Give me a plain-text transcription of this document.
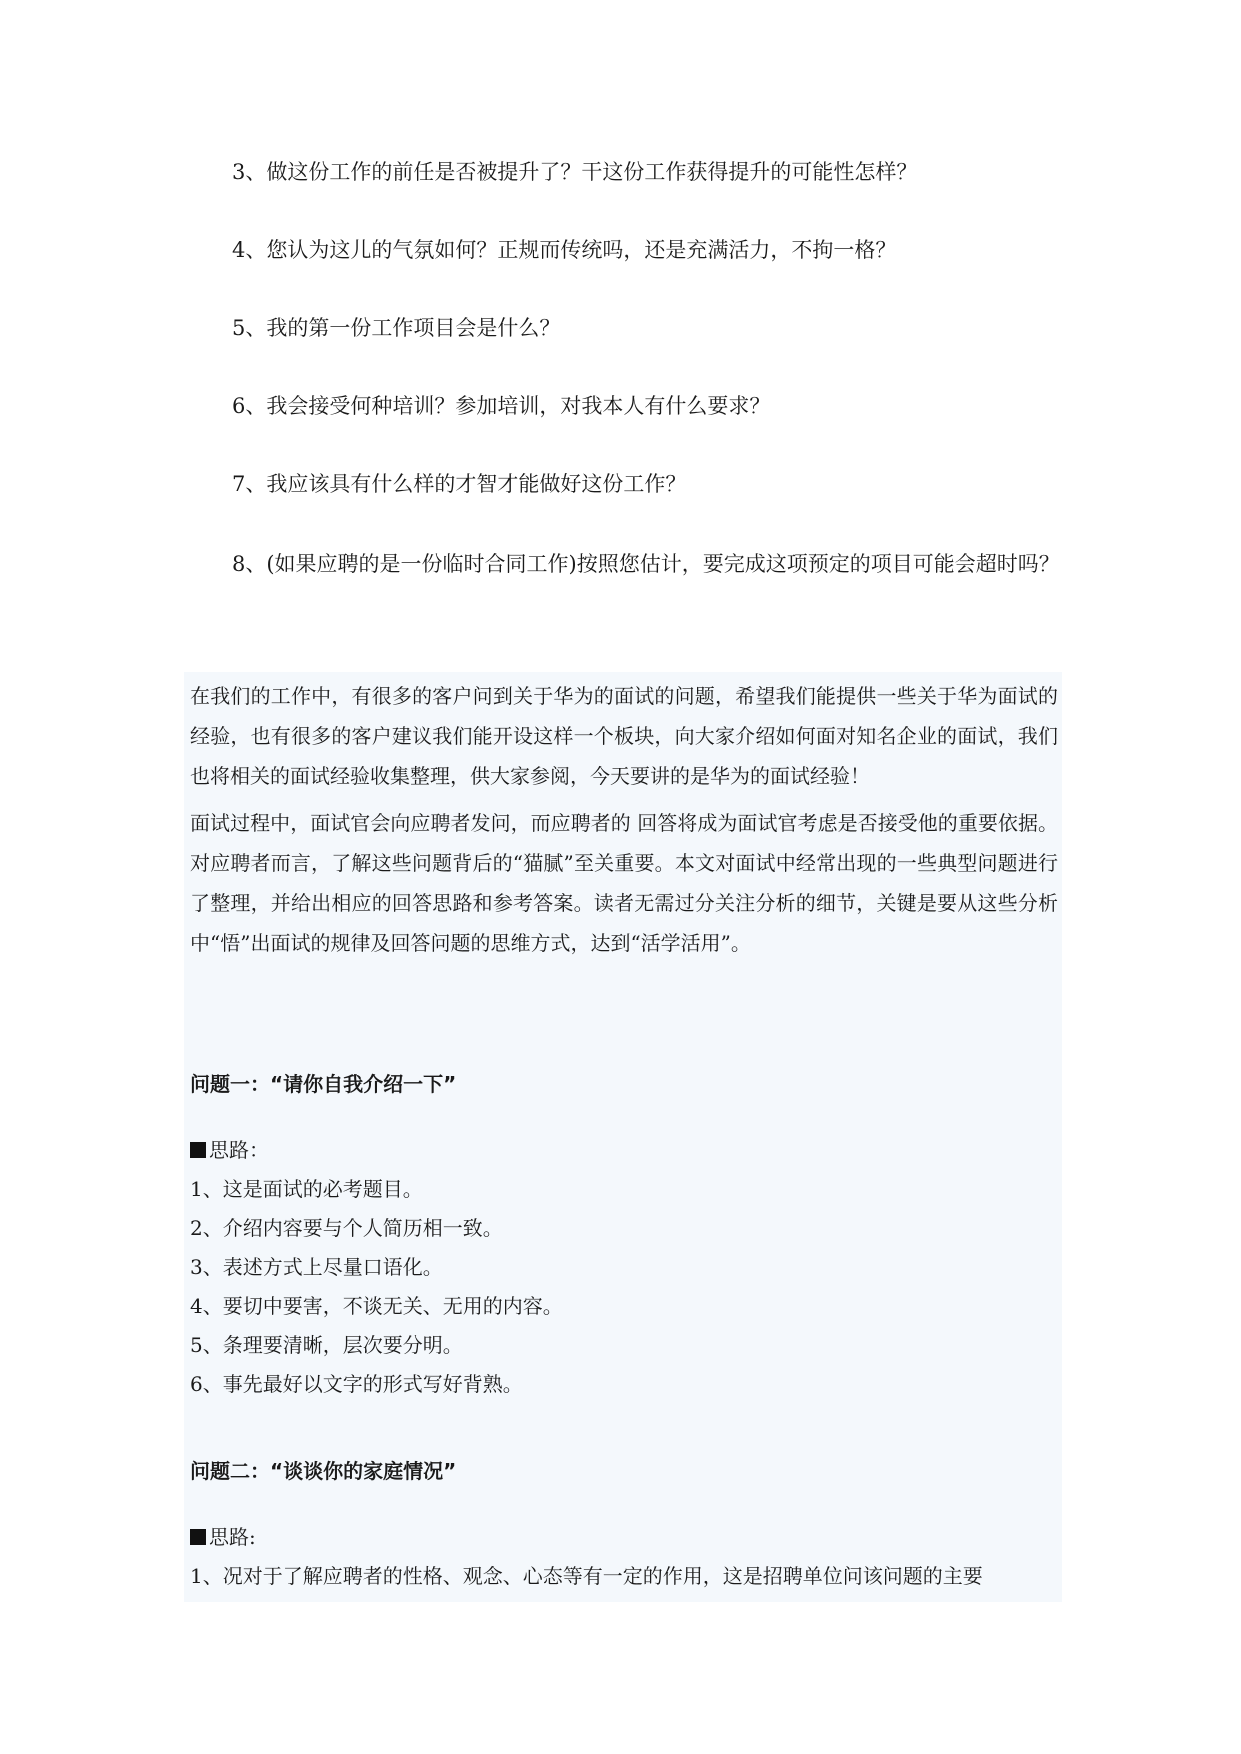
3、做这份工作的前任是否被提升了？干这份工作获得提升的可能性怎样？
4、您认为这儿的气氛如何？正规而传统吗，还是充满活力，不拘一格？
5、我的第一份工作项目会是什么？
6、我会接受何种培训？参加培训，对我本人有什么要求？
7、我应该具有什么样的才智才能做好这份工作？
8、(如果应聘的是一份临时合同工作)按照您估计，要完成这项预定的项目可能会超时吗？
在我们的工作中，有很多的客户问到关于华为的面试的问题，希望我们能提供一些关于华为面试的经验，也有很多的客户建议我们能开设这样一个板块，向大家介绍如何面对知名企业的面试，我们也将相关的面试经验收集整理，供大家参阅，今天要讲的是华为的面试经验！
面试过程中，面试官会向应聘者发问，而应聘者的 回答将成为面试官考虑是否接受他的重要依据。对应聘者而言，了解这些问题背后的“猫腻”至关重要。本文对面试中经常出现的一些典型问题进行了整理，并给出相应的回答思路和参考答案。读者无需过分关注分析的细节，关键是要从这些分析中“悟”出面试的规律及回答问题的思维方式，达到“活学活用”。
问题一：“请你自我介绍一下”
思路：
1、这是面试的必考题目。
2、介绍内容要与个人简历相一致。
3、表述方式上尽量口语化。
4、要切中要害，不谈无关、无用的内容。
5、条理要清晰，层次要分明。
6、事先最好以文字的形式写好背熟。
问题二：“谈谈你的家庭情况”
思路:
1、况对于了解应聘者的性格、观念、心态等有一定的作用，这是招聘单位问该问题的主要
